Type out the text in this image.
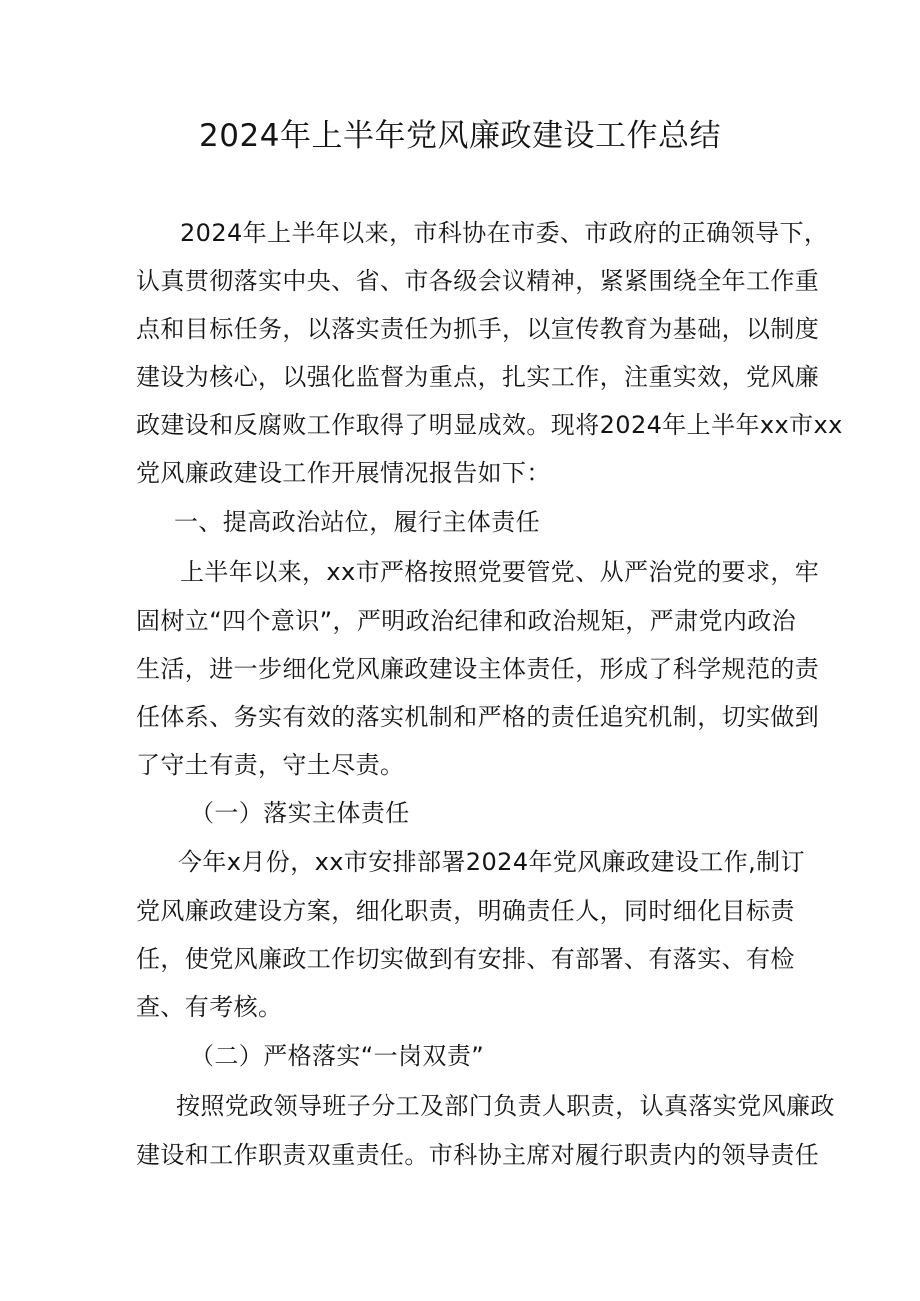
2024年上半年党风廉政建设工作总结
2024年上半年以来，市科协在市委、市政府的正确领导下，
认真贯彻落实中央、省、市各级会议精神，紧紧围绕全年工作重
点和目标任务，以落实责任为抓手，以宣传教育为基础，以制度
建设为核心，以强化监督为重点，扎实工作，注重实效，党风廉
政建设和反腐败工作取得了明显成效。现将2024年上半年xx市xx
党风廉政建设工作开展情况报告如下：
一、提高政治站位，履行主体责任
上半年以来，xx市严格按照党要管党、从严治党的要求，牢
固树立“四个意识”，严明政治纪律和政治规矩，严肃党内政治
生活，进一步细化党风廉政建设主体责任，形成了科学规范的责
任体系、务实有效的落实机制和严格的责任追究机制，切实做到
了守土有责，守土尽责。
（一）落实主体责任
今年x月份，xx市安排部署2024年党风廉政建设工作,制订
党风廉政建设方案，细化职责，明确责任人，同时细化目标责
任，使党风廉政工作切实做到有安排、有部署、有落实、有检
查、有考核。
（二）严格落实“一岗双责”
按照党政领导班子分工及部门负责人职责，认真落实党风廉政
建设和工作职责双重责任。市科协主席对履行职责内的领导责任
